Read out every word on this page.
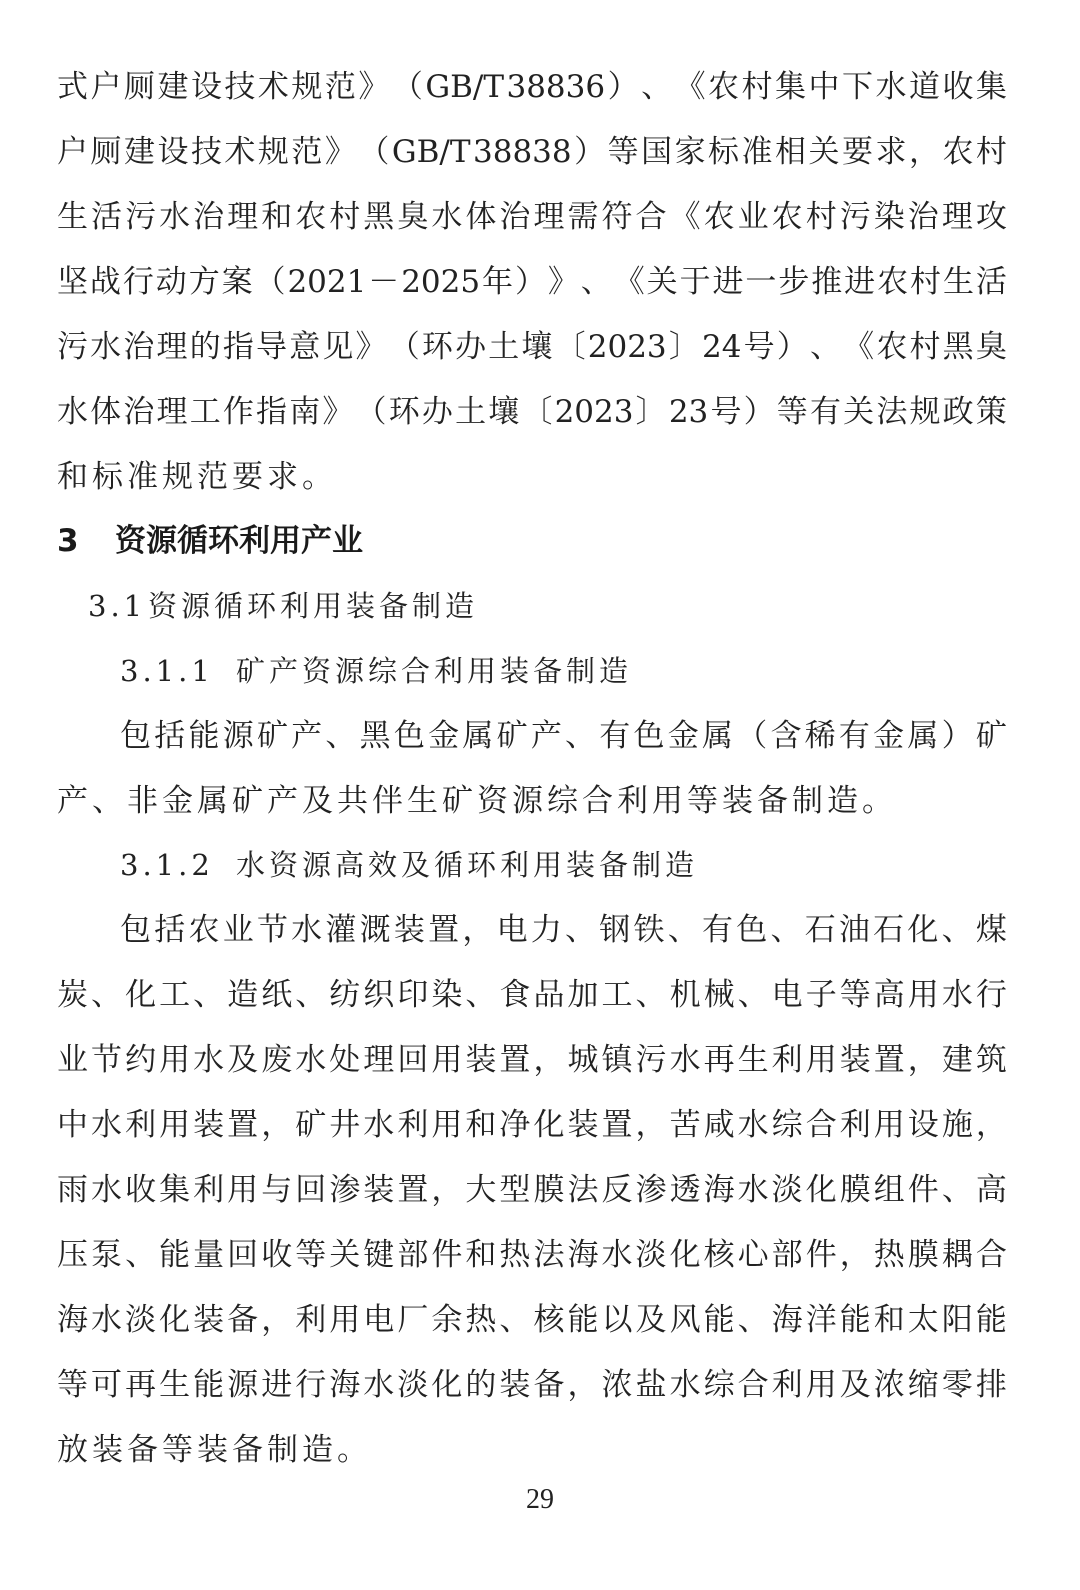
式 户 厕 建 设 技 术 规 范 》 （ GB/T 38836 ） 、 《 农 村 集 中 下 水 道 收 集
户 厕 建 设 技 术 规 范 》 （ GB/T 38838 ） 等 国 家 标 准 相 关 要 求 ， 农 村
生 活 污 水 治 理 和 农 村 黑 臭 水 体 治 理 需 符 合 《 农 业 农 村 污 染 治 理 攻
坚 战 行 动 方 案 （ 2021 － 2025 年 ） 》 、 《 关 于 进 一 步 推 进 农 村 生 活
污 水 治 理 的 指 导 意 见 》 （ 环 办 土 壤 〔 2023 〕 24 号 ） 、 《 农 村 黑 臭
水 体 治 理 工 作 指 南 》 （ 环 办 土 壤 〔 2023 〕 23 号 ） 等 有 关 法 规 政 策
和标准规范要求。
3 资源循环利用产业
3.1资源循环利用装备制造
3.1.1 矿产资源综合利用装备制造
包 括 能 源 矿 产 、 黑 色 金 属 矿 产 、 有 色 金 属 （ 含 稀 有 金 属 ） 矿
产、非金属矿产及共伴生矿资源综合利用等装备制造。
3.1.2 水资源高效及循环利用装备制造
包 括 农 业 节 水 灌 溉 装 置 ， 电 力 、 钢 铁 、 有 色 、 石 油 石 化 、 煤
炭 、 化 工 、 造 纸 、 纺 织 印 染 、 食 品 加 工 、 机 械 、 电 子 等 高 用 水 行
业 节 约 用 水 及 废 水 处 理 回 用 装 置 ， 城 镇 污 水 再 生 利 用 装 置 ， 建 筑
中 水 利 用 装 置 ， 矿 井 水 利 用 和 净 化 装 置 ， 苦 咸 水 综 合 利 用 设 施 ，
雨 水 收 集 利 用 与 回 渗 装 置 ， 大 型 膜 法 反 渗 透 海 水 淡 化 膜 组 件 、 高
压 泵 、 能 量 回 收 等 关 键 部 件 和 热 法 海 水 淡 化 核 心 部 件 ， 热 膜 耦 合
海 水 淡 化 装 备 ， 利 用 电 厂 余 热 、 核 能 以 及 风 能 、 海 洋 能 和 太 阳 能
等 可 再 生 能 源 进 行 海 水 淡 化 的 装 备 ， 浓 盐 水 综 合 利 用 及 浓 缩 零 排
放装备等装备制造。
29
